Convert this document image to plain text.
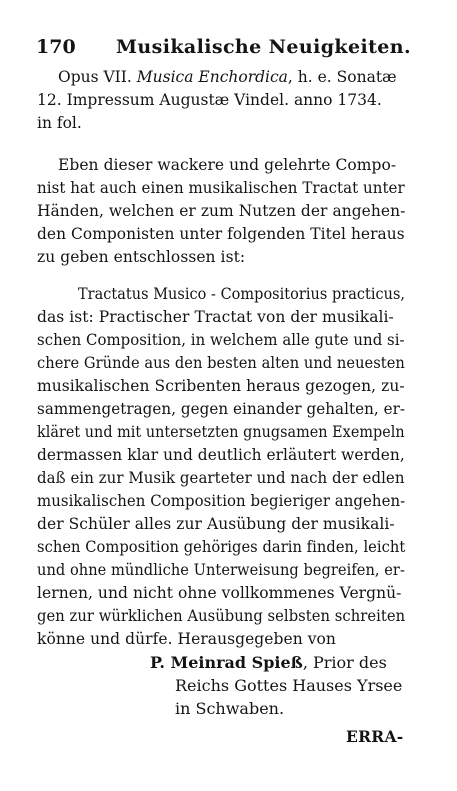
170 Musikalische Neuigkeiten.
Opus VII. Musica Enchordica, h. e. Sonatæ
12. Impressum Augustæ Vindel. anno 1734.
in fol.
Eben dieser wackere und gelehrte Compo-
nist hat auch einen musikalischen Tractat unter
Händen, welchen er zum Nutzen der angehen-
den Componisten unter folgenden Titel heraus
zu geben entschlossen ist:
Tractatus Musico - Compositorius practicus,
das ist: Practischer Tractat von der musikali-
schen Composition, in welchem alle gute und si-
chere Gründe aus den besten alten und neuesten
musikalischen Scribenten heraus gezogen, zu-
sammengetragen, gegen einander gehalten, er-
kläret und mit untersetzten gnugsamen Exempeln
dermassen klar und deutlich erläutert werden,
daß ein zur Musik gearteter und nach der edlen
musikalischen Composition begieriger angehen-
der Schüler alles zur Ausübung der musikali-
schen Composition gehöriges darin finden, leicht
und ohne mündliche Unterweisung begreifen, er-
lernen, und nicht ohne vollkommenes Vergnü-
gen zur würklichen Ausübung selbsten schreiten
könne und dürfe. Herausgegeben von
P. Meinrad Spieß, Prior des
Reichs Gottes Hauses Yrsee
in Schwaben.
ERRA-
